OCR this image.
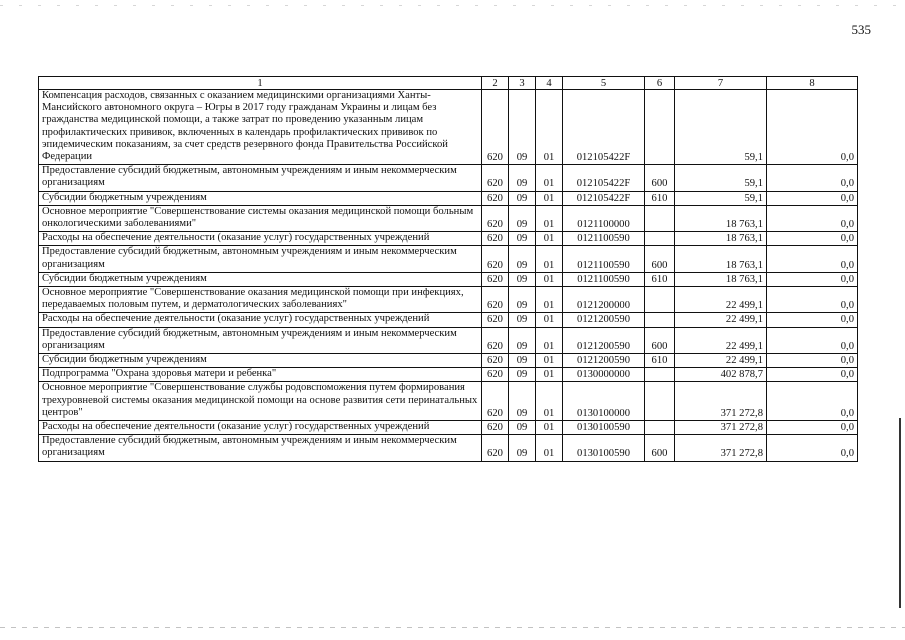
535
1	2	3	4	5	6	7	8
Компенсация расходов, связанных с оказанием медицинскими организациями Ханты-Мансийского автономного округа – Югры в 2017 году гражданам Украины и лицам без гражданства медицинской помощи, а также затрат по проведению указанным лицам профилактических прививок, включенных в календарь профилактических прививок по эпидемическим показаниям, за счет средств резервного фонда Правительства Российской Федерации	620	09	01	012105422F		59,1	0,0
Предоставление субсидий бюджетным, автономным учреждениям и иным некоммерческим организациям	620	09	01	012105422F	600	59,1	0,0
Субсидии бюджетным учреждениям	620	09	01	012105422F	610	59,1	0,0
Основное мероприятие "Совершенствование системы оказания медицинской помощи больным онкологическими заболеваниями"	620	09	01	0121100000		18 763,1	0,0
Расходы на обеспечение деятельности (оказание услуг) государственных учреждений	620	09	01	0121100590		18 763,1	0,0
Предоставление субсидий бюджетным, автономным учреждениям и иным некоммерческим организациям	620	09	01	0121100590	600	18 763,1	0,0
Субсидии бюджетным учреждениям	620	09	01	0121100590	610	18 763,1	0,0
Основное мероприятие "Совершенствование оказания медицинской помощи при инфекциях, передаваемых половым путем, и дерматологических заболеваниях"	620	09	01	0121200000		22 499,1	0,0
Расходы на обеспечение деятельности (оказание услуг) государственных учреждений	620	09	01	0121200590		22 499,1	0,0
Предоставление субсидий бюджетным, автономным учреждениям и иным некоммерческим организациям	620	09	01	0121200590	600	22 499,1	0,0
Субсидии бюджетным учреждениям	620	09	01	0121200590	610	22 499,1	0,0
Подпрограмма "Охрана здоровья матери и ребенка"	620	09	01	0130000000		402 878,7	0,0
Основное мероприятие "Совершенствование службы родовспоможения путем формирования трехуровневой системы оказания медицинской помощи на основе развития сети перинатальных центров"	620	09	01	0130100000		371 272,8	0,0
Расходы на обеспечение деятельности (оказание услуг) государственных учреждений	620	09	01	0130100590		371 272,8	0,0
Предоставление субсидий бюджетным, автономным учреждениям и иным некоммерческим организациям	620	09	01	0130100590	600	371 272,8	0,0
